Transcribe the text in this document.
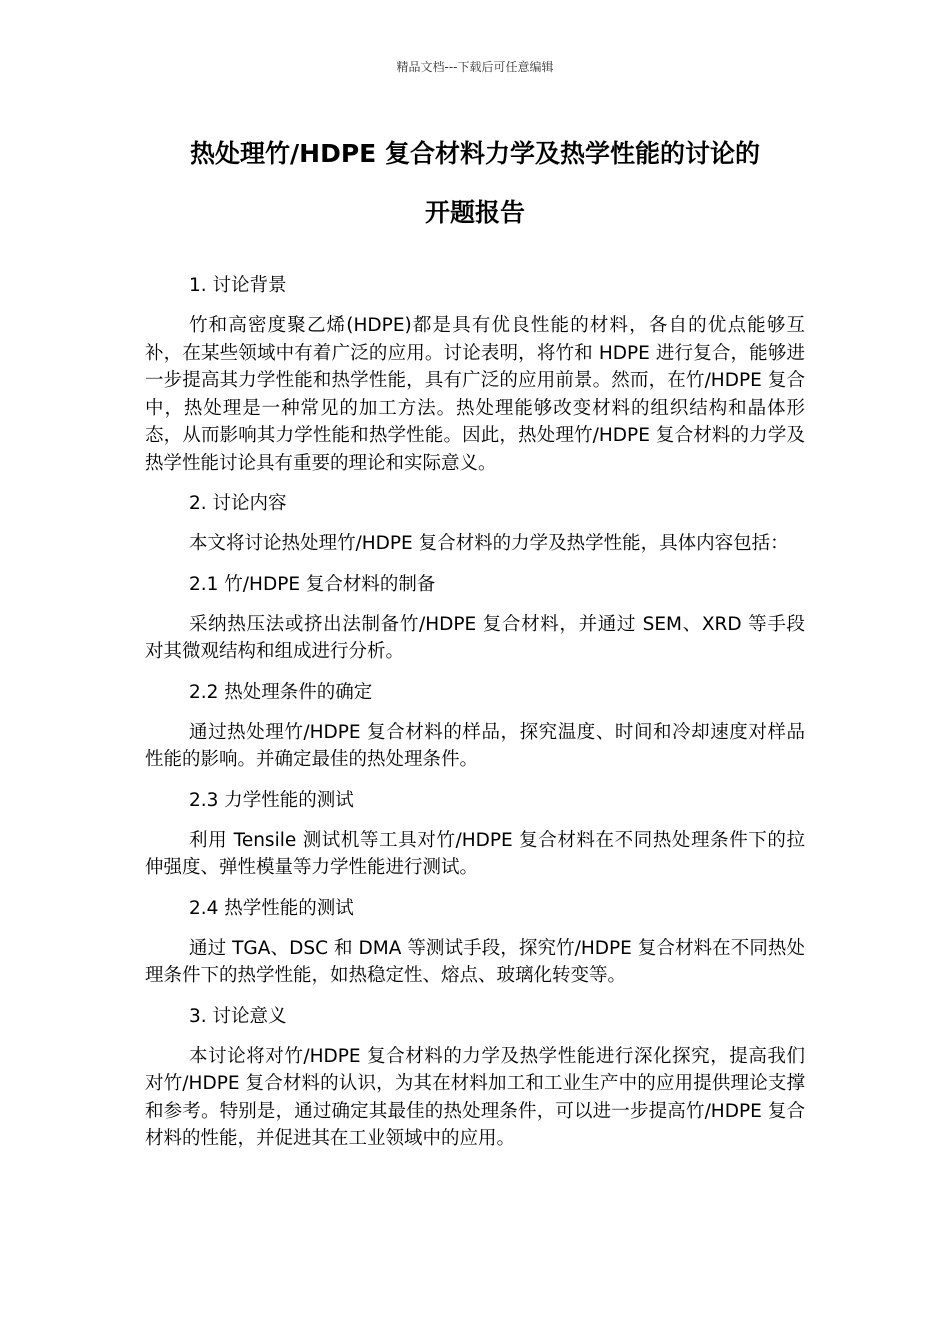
精品文档---下载后可任意编辑
热处理竹/HDPE 复合材料力学及热学性能的讨论的
开题报告
1. 讨论背景
竹和高密度聚乙烯(HDPE)都是具有优良性能的材料，各自的优点能够互补，在某些领域中有着广泛的应用。讨论表明，将竹和 HDPE 进行复合，能够进一步提高其力学性能和热学性能，具有广泛的应用前景。然而，在竹/HDPE 复合中，热处理是一种常见的加工方法。热处理能够改变材料的组织结构和晶体形态，从而影响其力学性能和热学性能。因此，热处理竹/HDPE 复合材料的力学及热学性能讨论具有重要的理论和实际意义。
2. 讨论内容
本文将讨论热处理竹/HDPE 复合材料的力学及热学性能，具体内容包括：
2.1 竹/HDPE 复合材料的制备
采纳热压法或挤出法制备竹/HDPE 复合材料，并通过 SEM、XRD 等手段对其微观结构和组成进行分析。
2.2 热处理条件的确定
通过热处理竹/HDPE 复合材料的样品，探究温度、时间和冷却速度对样品性能的影响。并确定最佳的热处理条件。
2.3 力学性能的测试
利用 Tensile 测试机等工具对竹/HDPE 复合材料在不同热处理条件下的拉伸强度、弹性模量等力学性能进行测试。
2.4 热学性能的测试
通过 TGA、DSC 和 DMA 等测试手段，探究竹/HDPE 复合材料在不同热处理条件下的热学性能，如热稳定性、熔点、玻璃化转变等。
3. 讨论意义
本讨论将对竹/HDPE 复合材料的力学及热学性能进行深化探究，提高我们对竹/HDPE 复合材料的认识，为其在材料加工和工业生产中的应用提供理论支撑和参考。特别是，通过确定其最佳的热处理条件，可以进一步提高竹/HDPE 复合材料的性能，并促进其在工业领域中的应用。
